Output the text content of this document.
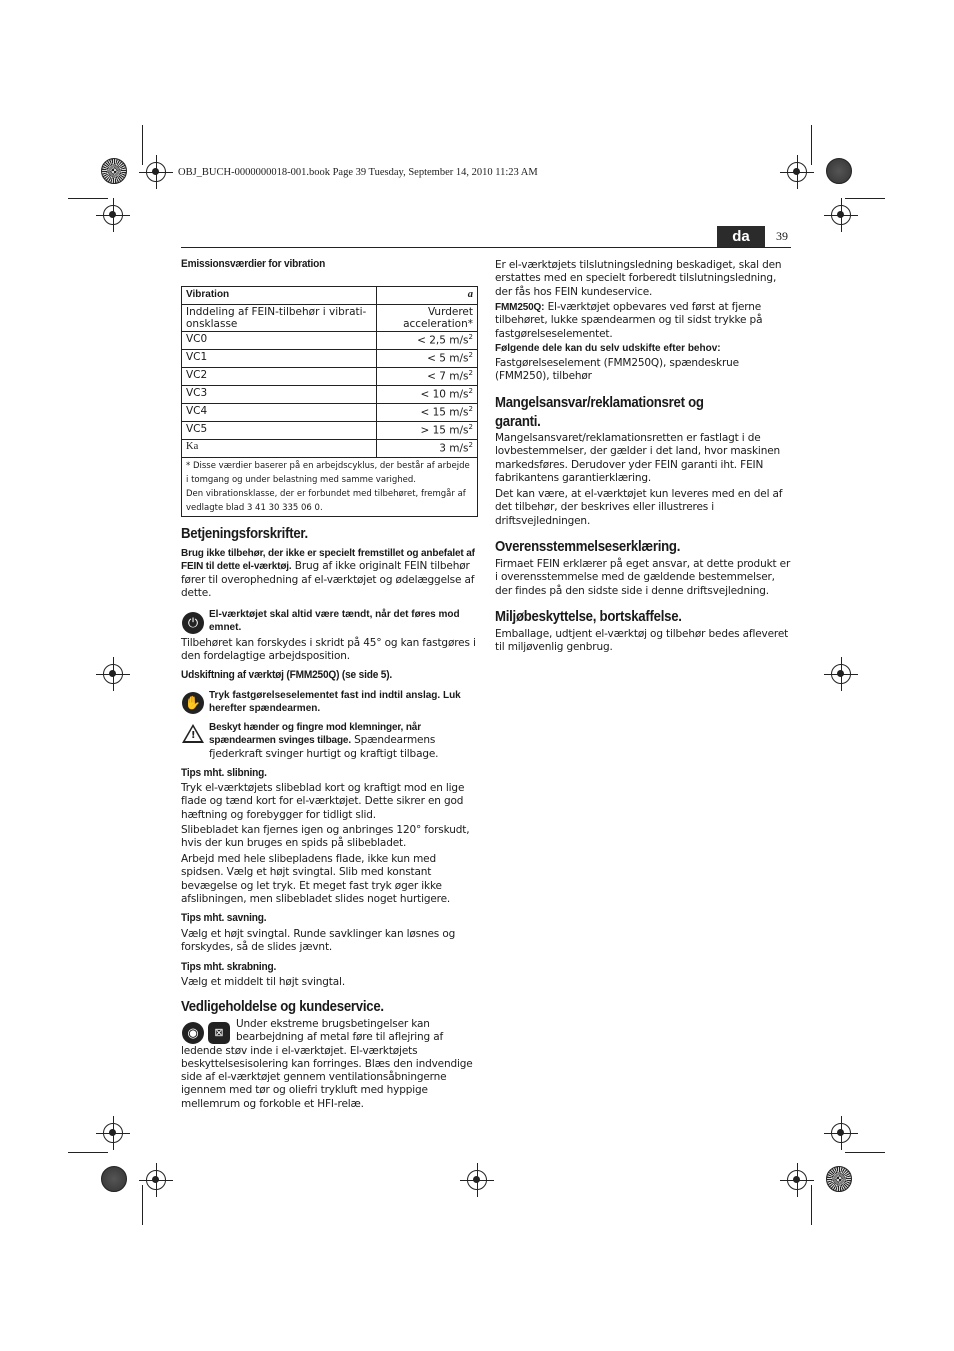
OBJ_BUCH-0000000018-001.book Page 39 Tuesday, September 14, 2010 11:23 AM
da	39
Emissionsværdier for vibration
Vibration	a
Inddeling af FEIN-tilbehør i vibrati-
onsklasse	Vurderet
acceleration*
VC0	< 2,5 $m/s^2$
VC1	< 5 $m/s^2$
VC2	< 7 $m/s^2$
VC3	< 10 $m/s^2$
VC4	< 15 $m/s^2$
VC5	> 15 $m/s^2$
Ka	3 $m/s^2$

* Disse værdier baserer på en arbejdscyklus, der består af arbejde i tomgang og under belastning med samme varighed.
Den vibrationsklasse, der er forbundet med tilbehøret, fremgår af vedlagte blad 3 41 30 335 06 0.	
Betjeningsforskrifter.
Brug ikke tilbehør, der ikke er specielt fremstillet og anbefalet af FEIN til dette el-værktøj. Brug af ikke originalt FEIN tilbehør fører til overophedning af el-værktøjet og ødelæggelse af dette.
⏻
El-værktøjet skal altid være tændt, når det føres mod emnet.
Tilbehøret kan forskydes i skridt på 45° og kan fastgøres i den fordelagtige arbejdsposition.
Udskiftning af værktøj (FMM250Q) (se side 5).
✋ Tryk fastgørelseselementet fast ind indtil anslag. Luk herefter spændearmen.
!
Beskyt hænder og fingre mod klemninger, når spændearmen svinges tilbage. Spændearmens fjederkraft svinger hurtigt og kraftigt tilbage.
Tips mht. slibning.
Tryk el-værktøjets slibeblad kort og kraftigt mod en lige flade og tænd kort for el-værktøjet. Dette sikrer en god hæftning og forebygger for tidligt slid.
Slibebladet kan fjernes igen og anbringes 120° forskudt, hvis der kun bruges en spids på slibebladet.
Arbejd med hele slibepladens flade, ikke kun med spidsen. Vælg et højt svingtal. Slib med konstant bevægelse og let tryk. Et meget fast tryk øger ikke afslibningen, men slibebladet slides noget hurtigere.
Tips mht. savning.
Vælg et højt svingtal. Runde savklinger kan løsnes og forskydes, så de slides jævnt.
Tips mht. skrabning.
Vælg et middelt til højt svingtal.
Vedligeholdelse og kundeservice.
◉	⊠
Under ekstreme brugsbetingelser kan bearbejdning af metal føre til aflejring af ledende støv inde i el-værktøjet. El-værktøjets beskyttelsesisolering kan forringes. Blæs den indvendige side af el-værktøjet gennem ventilationsåbningerne igennem med tør og oliefri trykluft med hyppige mellemrum og forkoble et HFI-relæ.
Er el-værktøjets tilslutningsledning beskadiget, skal den erstattes med en specielt forberedt tilslutningsledning, der fås hos FEIN kundeservice.
FMM250Q: El-værktøjet opbevares ved først at fjerne tilbehøret, lukke spændearmen og til sidst trykke på fastgørelseselementet.
Følgende dele kan du selv udskifte efter behov:
Fastgørelseselement (FMM250Q), spændeskrue (FMM250), tilbehør
Mangelsansvar/reklamationsret og
garanti.
Mangelsansvaret/reklamationsretten er fastlagt i de lovbestemmelser, der gælder i det land, hvor maskinen markedsføres. Derudover yder FEIN garanti iht. FEIN fabrikantens garantierklæring.
Det kan være, at el-værktøjet kun leveres med en del af det tilbehør, der beskrives eller illustreres i driftsvejledningen.
Overensstemmelseserklæring.
Firmaet FEIN erklærer på eget ansvar, at dette produkt er i overensstemmelse med de gældende bestemmelser, der findes på den sidste side i denne driftsvejledning.
Miljøbeskyttelse, bortskaffelse.
Emballage, udtjent el-værktøj og tilbehør bedes afleveret til miljøvenlig genbrug.
